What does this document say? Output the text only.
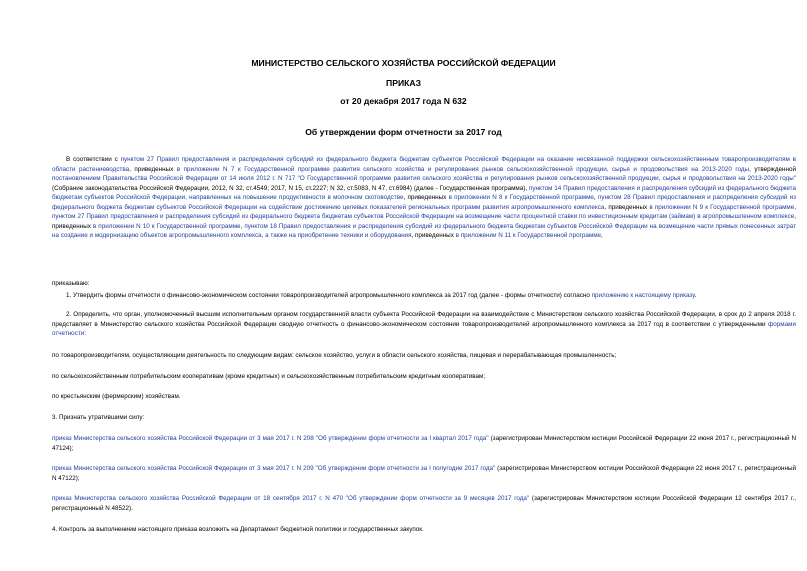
МИНИСТЕРСТВО СЕЛЬСКОГО ХОЗЯЙСТВА РОССИЙСКОЙ ФЕДЕРАЦИИ
ПРИКАЗ
от 20 декабря 2017 года N 632
Об утверждении форм отчетности за 2017 год

В соответствии с пунктом 27 Правил предоставления и распределения субсидий из федерального бюджета бюджетам субъектов Российской Федерации на оказание несвязанной поддержки сельскохозяйственным товаропроизводителям в области растениеводства, приведенных в приложении N 7 к Государственной программе развития сельского хозяйства и регулирования рынков сельскохозяйственной продукции, сырья и продовольствия на 2013-2020 годы, утвержденной постановлением Правительства Российской Федерации от 14 июля 2012 г. N 717 "О Государственной программе развития сельского хозяйства и регулирования рынков сельскохозяйственной продукции, сырья и продовольствия на 2013-2020 годы" (Собрание законодательства Российской Федерации, 2012, N 32, ст.4549; 2017, N 15, ст.2227; N 32, ст.5083, N 47, ст.6984) (далее - Государственная программа), пунктом 14 Правил предоставления и распределения субсидий из федерального бюджета бюджетам субъектов Российской Федерации, направленных на повышение продуктивности в молочном скотоводстве, приведенных в приложении N 8 к Государственной программе, пунктом 28 Правил предоставления и распределения субсидий из федерального бюджета бюджетам субъектов Российской Федерации на содействие достижению целевых показателей региональных программ развития агропромышленного комплекса, приведенных в приложении N 9 к Государственной программе, пунктом 27 Правил предоставления и распределения субсидий из федерального бюджета бюджетам субъектов Российской Федерации на возмещение части процентной ставки по инвестиционным кредитам (займам) в агропромышленном комплексе, приведенных в приложении N 10 к Государственной программе, пунктом 18 Правил предоставления и распределения субсидий из федерального бюджета бюджетам субъектов Российской Федерации на возмещение части прямых понесенных затрат на создание и модернизацию объектов агропромышленного комплекса, а также на приобретение техники и оборудования, приведенных в приложении N 11 к Государственной программе,

приказываю:

1. Утвердить формы отчетности о финансово-экономическом состоянии товаропроизводителей агропромышленного комплекса за 2017 год (далее - формы отчетности) согласно приложению к настоящему приказу.

2. Определить, что орган, уполномоченный высшим исполнительным органом государственной власти субъекта Российской Федерации на взаимодействие с Министерством сельского хозяйства Российской Федерации, в срок до 2 апреля 2018 г. представляет в Министерство сельского хозяйства Российской Федерации сводную отчетность о финансово-экономическом состоянии товаропроизводителей агропромышленного комплекса за 2017 год в соответствии с утвержденными формами отчетности:

по товаропроизводителям, осуществляющим деятельность по следующим видам: сельское хозяйство, услуги в области сельского хозяйства, пищевая и перерабатывающая промышленность;
по сельскохозяйственным потребительским кооперативам (кроме кредитных) и сельскохозяйственным потребительским кредитным кооперативам;
по крестьянским (фермерским) хозяйствам.
3. Признать утратившими силу:

приказ Министерства сельского хозяйства Российской Федерации от 3 мая 2017 г. N 208 "Об утверждении форм отчетности за I квартал 2017 года" (зарегистрирован Министерством юстиции Российской Федерации 22 июня 2017 г., регистрационный N 47124);

приказ Министерства сельского хозяйства Российской Федерации от 3 мая 2017 г. N 209 "Об утверждении форм отчетности за I полугодие 2017 года" (зарегистрирован Министерством юстиции Российской Федерации 22 июня 2017 г., регистрационный N 47122);

приказ Министерства сельского хозяйства Российской Федерации от 18 сентября 2017 г. N 470 "Об утверждении форм отчетности за 9 месяцев 2017 года" (зарегистрирован Министерством юстиции Российской Федерации 12 сентября 2017 г., регистрационный N 48522).

4. Контроль за выполнением настоящего приказа возложить на Департамент бюджетной политики и государственных закупок.
